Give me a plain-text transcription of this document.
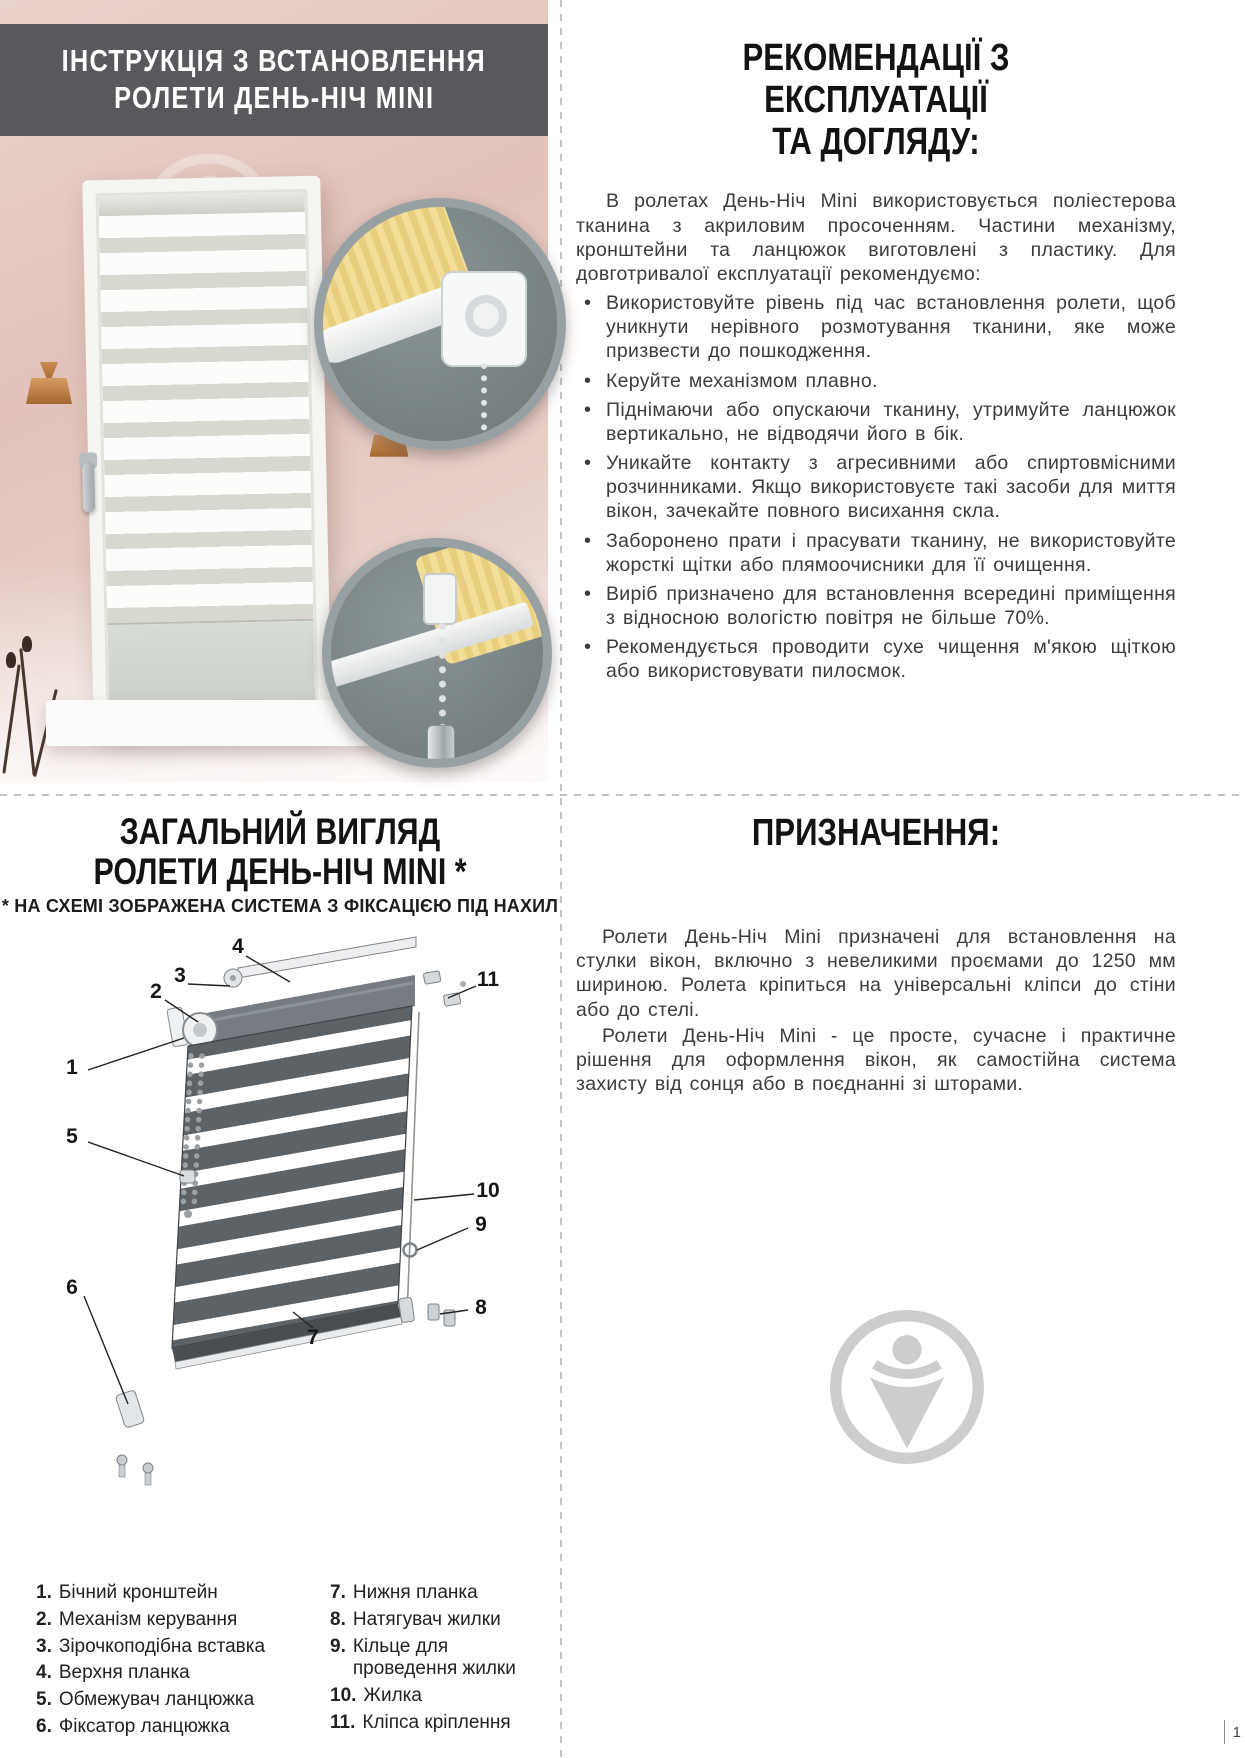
ІНСТРУКЦІЯ З ВСТАНОВЛЕННЯ
РОЛЕТИ ДЕНЬ-НІЧ MINI
РЕКОМЕНДАЦІЇ З ЕКСПЛУАТАЦІЇ
ТА ДОГЛЯДУ:

В ролетах День-Ніч Mini використовується поліестерова тканина з акриловим просоченням. Частини механізму, кронштейни та ланцюжок виготовлені з пластику. Для довготривалої експлуатації рекомендуємо:

• Використовуйте рівень під час встановлення ролети, щоб уникнути нерівного розмотування тканини, яке може призвести до пошкодження.
• Керуйте механізмом плавно.
• Піднімаючи або опускаючи тканину, утримуйте ланцюжок вертикально, не відводячи його в бік.
• Уникайте контакту з агресивними або спиртовмісними розчинниками. Якщо використовуєте такі засоби для миття вікон, зачекайте повного висихання скла.
• Заборонено прати і прасувати тканину, не використовуйте жорсткі щітки або плямоочисники для її очищення.
• Виріб призначено для встановлення всередині приміщення з відносною вологістю повітря не більше 70%.
• Рекомендується проводити сухе чищення м'якою щіткою або використовувати пилосмок.
ЗАГАЛЬНИЙ ВИГЛЯД
РОЛЕТИ ДЕНЬ-НІЧ MINI *
* НА СХЕМІ ЗОБРАЖЕНА СИСТЕМА З ФІКСАЦІЄЮ ПІД НАХИЛ
1
2
3
4
5
6
7
8
9
10
11
1. Бічний кронштейн
2. Механізм керування
3. Зірочкоподібна вставка
4. Верхня планка
5. Обмежувач ланцюжка
6. Фіксатор ланцюжка
7. Нижня планка
8. Натягувач жилки
9. Кільце для проведення жилки
10. Жилка
11. Кліпса кріплення
ПРИЗНАЧЕННЯ:

Ролети День-Ніч Mini призначені для встановлення на стулки вікон, включно з невеликими проємами до 1250 мм шириною. Ролета кріпиться на універсальні кліпси до стіни або до стелі.

Ролети День-Ніч Mini - це просте, сучасне і практичне рішення для оформлення вікон, як самостійна система захисту від сонця або в поєднанні зі шторами.

1
